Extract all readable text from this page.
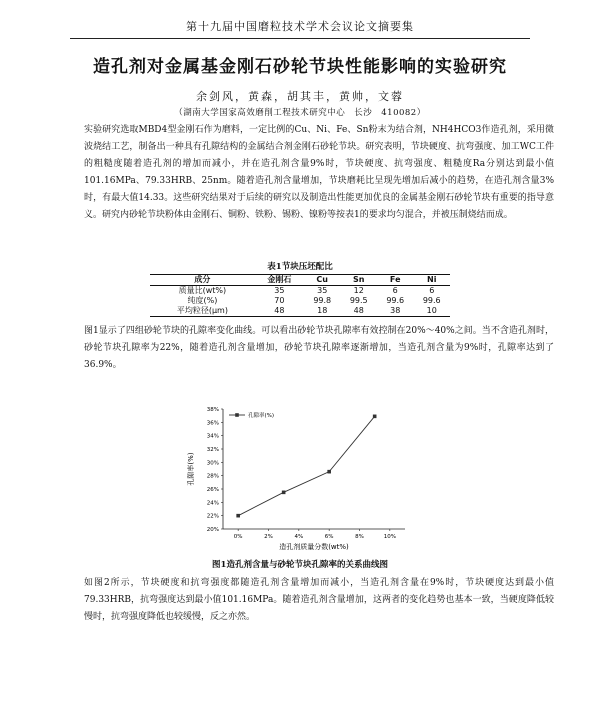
第十九届中国磨粒技术学术会议论文摘要集
造孔剂对金属基金刚石砂轮节块性能影响的实验研究
余剑风，黄森，胡其丰，黄帅，文蓉
（湖南大学国家高效磨削工程技术研究中心　长沙　410082）

实验研究选取MBD4型金刚石作为磨料，一定比例的Cu、Ni、Fe、Sn粉末为结合剂，NH4HCO3作造孔剂，采用微波烧结工艺，制备出一种具有孔隙结构的金属结合剂金刚石砂轮节块。研究表明，节块硬度、抗弯强度、加工WC工件的粗糙度随着造孔剂的增加而减小，并在造孔剂含量9%时，节块硬度、抗弯强度、粗糙度Ra分别达到最小值101.16MPa、79.33HRB、25nm。随着造孔剂含量增加，节块磨耗比呈现先增加后减小的趋势，在造孔剂含量3%时，有最大值14.33。这些研究结果对于后续的研究以及制造出性能更加优良的金属基金刚石砂轮节块有重要的指导意义。研究内砂轮节块粉体由金刚石、铜粉、铁粉、锡粉、镍粉等按表1的要求均匀混合，并被压制烧结而成。

表1节块压坯配比
成分	金刚石	Cu	Sn	Fe	Ni
质量比(wt%)	35	35	12	6	6
纯度(%)	70	99.8	99.5	99.6	99.6
平均粒径(μm)	48	18	48	38	10

图1显示了四组砂轮节块的孔隙率变化曲线。可以看出砂轮节块孔隙率有效控制在20%～40%之间。当不含造孔剂时，砂轮节块孔隙率为22%，随着造孔剂含量增加，砂轮节块孔隙率逐渐增加，当造孔剂含量为9%时，孔隙率达到了36.9%。

20%
22%
24%
26%
28%
30%
32%
34%
36%
38%
0%	2%	4%	6%	8%	10%
孔隙率(%)
造孔剂质量分数(wt%)
孔隙率(%)
图1造孔剂含量与砂轮节块孔隙率的关系曲线图

如图2所示，节块硬度和抗弯强度都随造孔剂含量增加而减小，当造孔剂含量在9%时，节块硬度达到最小值79.33HRB，抗弯强度达到最小值101.16MPa。随着造孔剂含量增加，这两者的变化趋势也基本一致，当硬度降低较慢时，抗弯强度降低也较缓慢，反之亦然。
